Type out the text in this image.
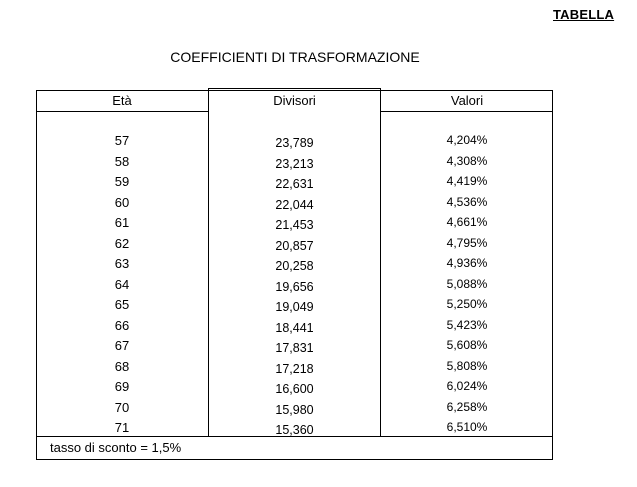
TABELLA
COEFFICIENTI DI TRASFORMAZIONE
Età	Divisori	Valori
57
58
59
60
61
62
63
64
65
66
67
68
69
70
71
23,789
23,213
22,631
22,044
21,453
20,857
20,258
19,656
19,049
18,441
17,831
17,218
16,600
15,980
15,360
4,204%
4,308%
4,419%
4,536%
4,661%
4,795%
4,936%
5,088%
5,250%
5,423%
5,608%
5,808%
6,024%
6,258%
6,510%
tasso di sconto = 1,5%
